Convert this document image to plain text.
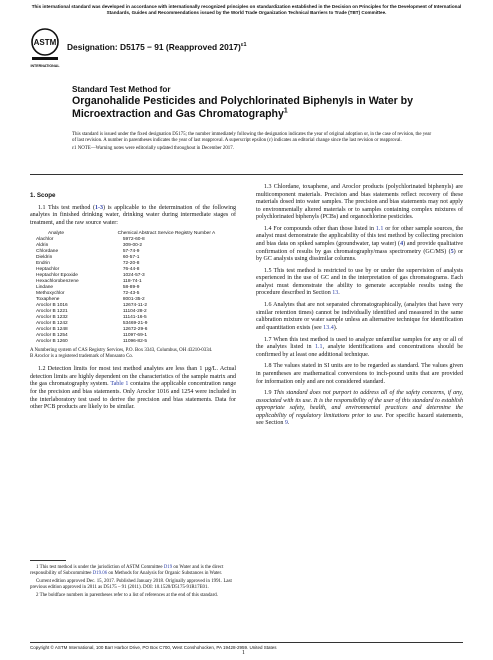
This international standard was developed in accordance with internationally recognized principles on standardization established in the Decision on Principles for the Development of International Standards, Guides and Recommendations issued by the World Trade Organization Technical Barriers to Trade (TBT) Committee.
ASTM
INTERNATIONAL
Designation: D5175 − 91 (Reapproved 2017)$^{\varepsilon 1}$
Standard Test Method for
Organohalide Pesticides and Polychlorinated Biphenyls in Water by Microextraction and Gas Chromatography$^1$

This standard is issued under the fixed designation D5175; the number immediately following the designation indicates the year of original adoption or, in the case of revision, the year of last revision. A number in parentheses indicates the year of last reapproval. A superscript epsilon (ε) indicates an editorial change since the last revision or reapproval.

ε1 NOTE—Warning notes were editorially updated throughout in December 2017.

1. Scope

1.1 This test method (1-3) is applicable to the determination of the following analytes in finished drinking water, drinking water during intermediate stages of treatment, and the raw source water:

Analyte	Chemical Abstract Service Registry Number A
Alachlor	5972-60-8
Aldrin	309-00-2
Chlordane	57-74-9
Dieldrin	60-57-1
Endrin	72-20-8
Heptachlor	76-44-8
Heptachlor Epoxide	1024-57-3
Hexachlorobenzene	118-74-1
Lindane	58-89-9
Methoxychlor	72-43-5
Toxaphene	8001-35-2
Aroclor B 1016	12674-11-2
Aroclor B 1221	11104-28-2
Aroclor B 1232	11141-16-5
Aroclor B 1242	53469-21-9
Aroclor B 1248	12672-29-6
Aroclor B 1254	11097-69-1
Aroclor B 1260	11096-82-5

A Numbering system of CAS Registry Services, P.O. Box 3343, Columbus, OH 43210-0334.

B Aroclor is a registered trademark of Monsanto Co.

1.2 Detection limits for most test method analytes are less than 1 µg/L. Actual detection limits are highly dependent on the characteristics of the sample matrix and the gas chromatography system. Table 1 contains the applicable concentration range for the precision and bias statements. Only Aroclor 1016 and 1254 were included in the interlaboratory test used to derive the precision and bias statements. Data for other PCB products are likely to be similar.

1 This test method is under the jurisdiction of ASTM Committee D19 on Water and is the direct responsibility of Subcommittee D19.06 on Methods for Analysis for Organic Substances in Water.

Current edition approved Dec. 15, 2017. Published January 2018. Originally approved in 1991. Last previous edition approved in 2011 as D5175 – 91 (2011). DOI: 10.1520/D5175-91R17E01.

2 The boldface numbers in parentheses refer to a list of references at the end of this standard.

1.3 Chlordane, toxaphene, and Aroclor products (polychlorinated biphenyls) are multicomponent materials. Precision and bias statements reflect recovery of these materials dosed into water samples. The precision and bias statements may not apply to environmentally altered materials or to samples containing complex mixtures of polychlorinated biphenyls (PCBs) and organochlorine pesticides.

1.4 For compounds other than those listed in 1.1 or for other sample sources, the analyst must demonstrate the applicability of this test method by collecting precision and bias data on spiked samples (groundwater, tap water) (4) and provide qualitative confirmation of results by gas chromatography/mass spectrometry (GC/MS) (5) or by GC analysis using dissimilar columns.

1.5 This test method is restricted to use by or under the supervision of analysts experienced in the use of GC and in the interpretation of gas chromatograms. Each analyst must demonstrate the ability to generate acceptable results using the procedure described in Section 13.

1.6 Analytes that are not separated chromatographically, (analytes that have very similar retention times) cannot be individually identified and measured in the same calibration mixture or water sample unless an alternative technique for identification and quantitation exists (see 13.4).

1.7 When this test method is used to analyze unfamiliar samples for any or all of the analytes listed in 1.1, analyte identifications and concentrations should be confirmed by at least one additional technique.

1.8 The values stated in SI units are to be regarded as standard. The values given in parentheses are mathematical conversions to inch-pound units that are provided for information only and are not considered standard.

1.9 This standard does not purport to address all of the safety concerns, if any, associated with its use. It is the responsibility of the user of this standard to establish appropriate safety, health, and environmental practices and determine the applicability of regulatory limitations prior to use. For specific hazard statements, see Section 9.

Copyright © ASTM International, 100 Barr Harbor Drive, PO Box C700, West Conshohocken, PA 19428-2959. United States
1
